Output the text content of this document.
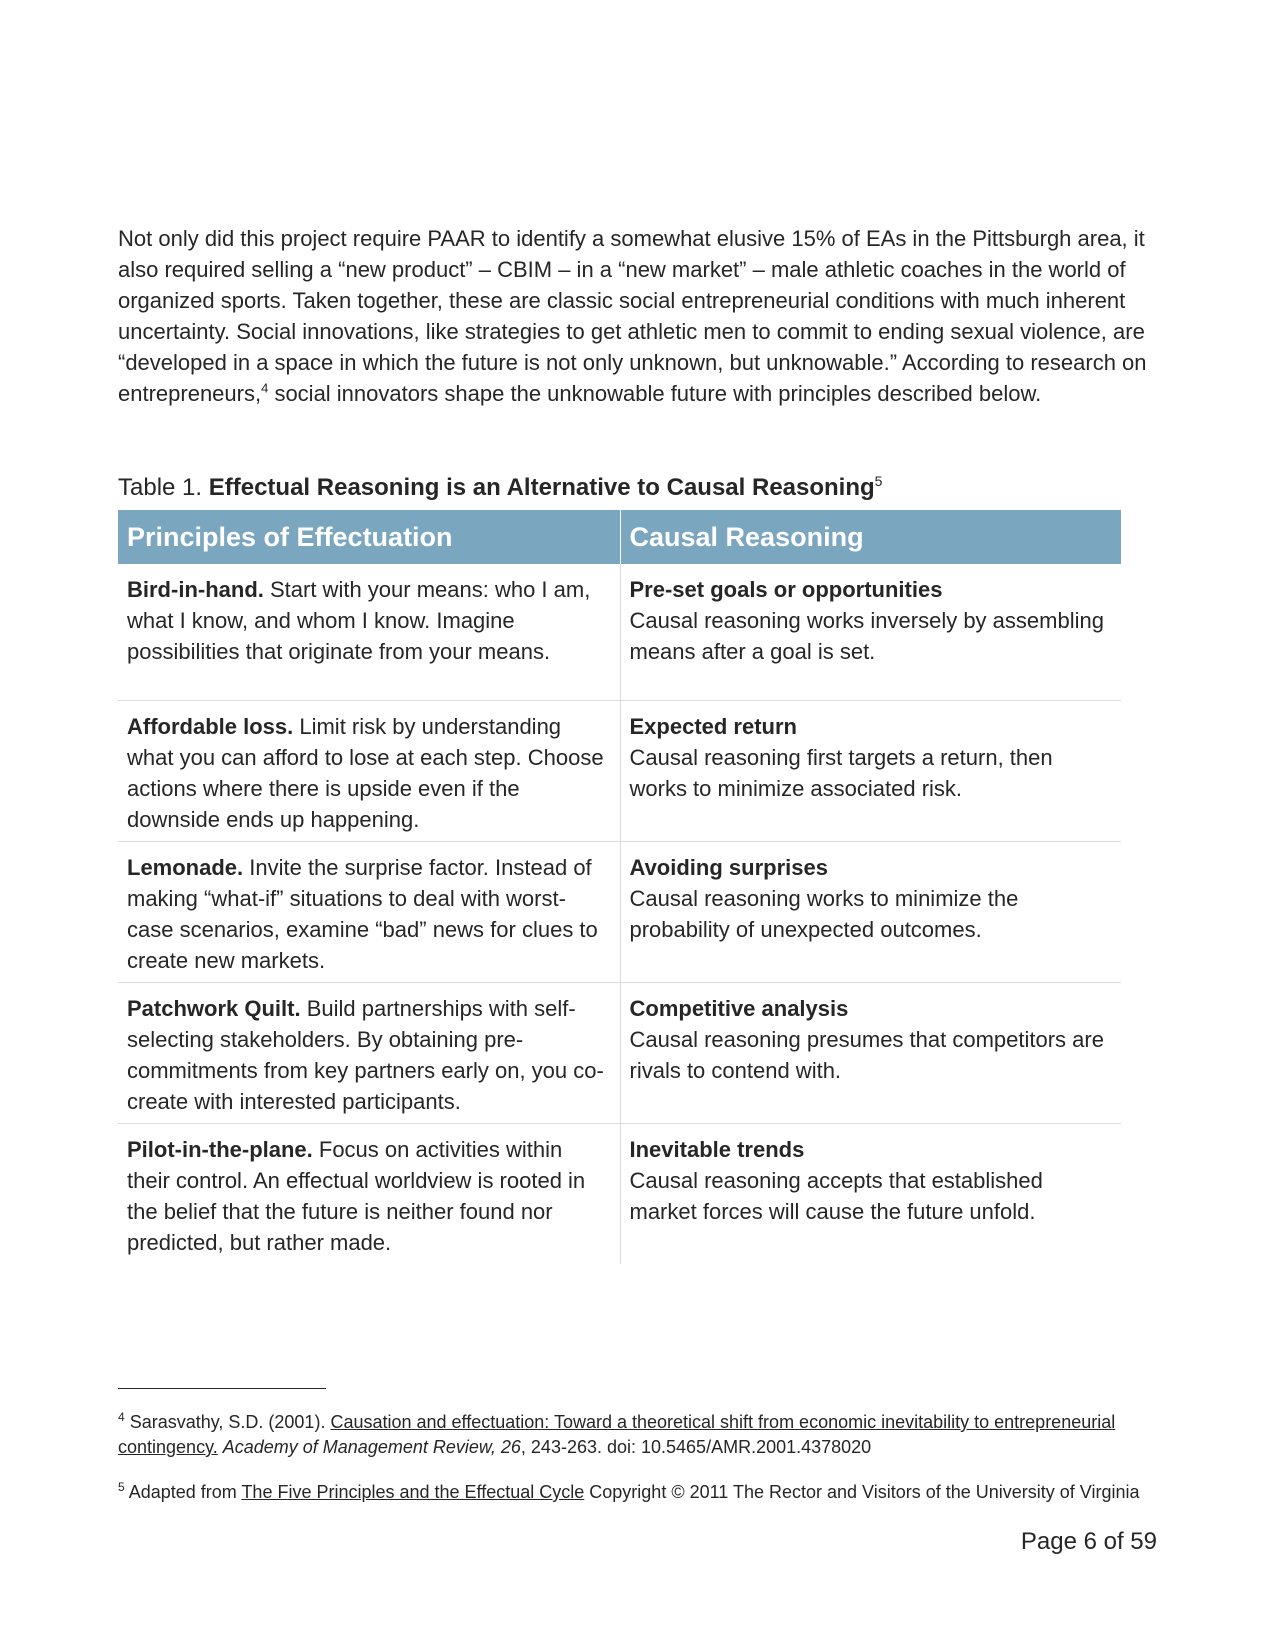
Not only did this project require PAAR to identify a somewhat elusive 15% of EAs in the Pittsburgh area, it also required selling a “new product” – CBIM – in a “new market” – male athletic coaches in the world of organized sports. Taken together, these are classic social entrepreneurial conditions with much inherent uncertainty. Social innovations, like strategies to get athletic men to commit to ending sexual violence, are “developed in a space in which the future is not only unknown, but unknowable.” According to research on entrepreneurs,$^4$ social innovators shape the unknowable future with principles described below.

Table 1. Effectual Reasoning is an Alternative to Causal Reasoning$^5$
Principles of Effectuation	Causal Reasoning
Bird-in-hand. Start with your means: who I am, what I know, and whom I know. Imagine possibilities that originate from your means.	Pre-set goals or opportunities
Causal reasoning works inversely by assembling means after a goal is set.
Affordable loss. Limit risk by understanding what you can afford to lose at each step. Choose actions where there is upside even if the downside ends up happening.	Expected return
Causal reasoning first targets a return, then works to minimize associated risk.
Lemonade. Invite the surprise factor. Instead of making “what-if” situations to deal with worst-case scenarios, examine “bad” news for clues to create new markets.	Avoiding surprises
Causal reasoning works to minimize the probability of unexpected outcomes.
Patchwork Quilt. Build partnerships with self-selecting stakeholders. By obtaining pre-commitments from key partners early on, you co-create with interested participants.	Competitive analysis
Causal reasoning presumes that competitors are rivals to contend with.
Pilot-in-the-plane. Focus on activities within their control. An effectual worldview is rooted in the belief that the future is neither found nor predicted, but rather made.	Inevitable trends
Causal reasoning accepts that established market forces will cause the future unfold.
$^4$ Sarasvathy, S.D. (2001). Causation and effectuation: Toward a theoretical shift from economic inevitability to entrepreneurial contingency. Academy of Management Review, 26, 243-263. doi: 10.5465/AMR.2001.4378020
$^5$ Adapted from The Five Principles and the Effectual Cycle Copyright © 2011 The Rector and Visitors of the University of Virginia
Page 6 of 59
